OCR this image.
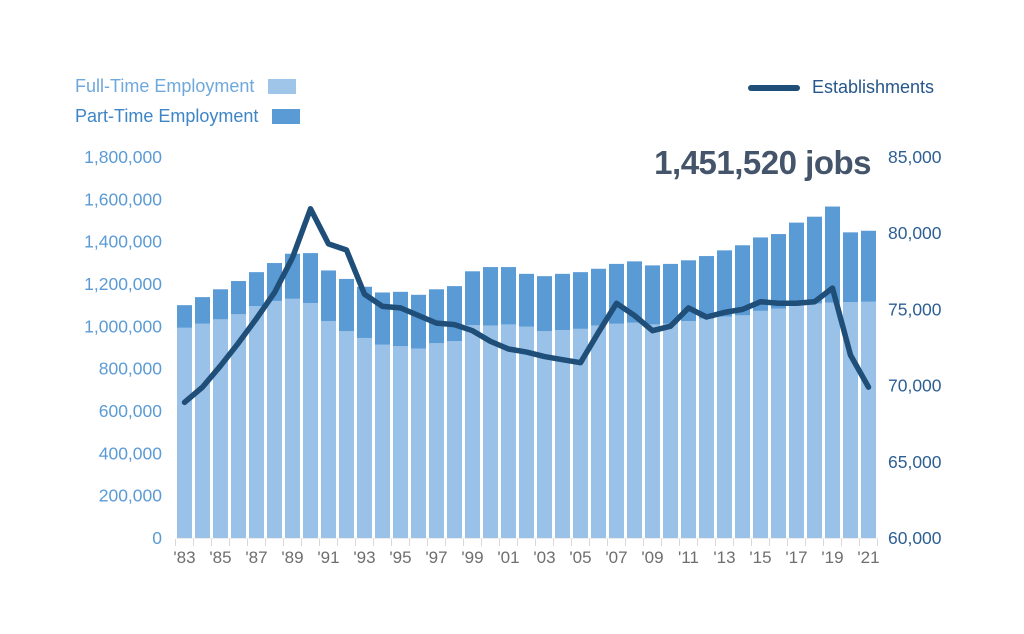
Full-Time Employment
Part-Time Employment
Establishments
1,451,520 jobs
0
200,000
400,000
600,000
800,000
1,000,000
1,200,000
1,400,000
1,600,000
1,800,000
60,000
65,000
70,000
75,000
80,000
85,000
'83 '85 '87 '89 '91 '93 '95 '97 '99 '01 '03 '05 '07 '09 '11 '13 '15 '17 '19 '21
